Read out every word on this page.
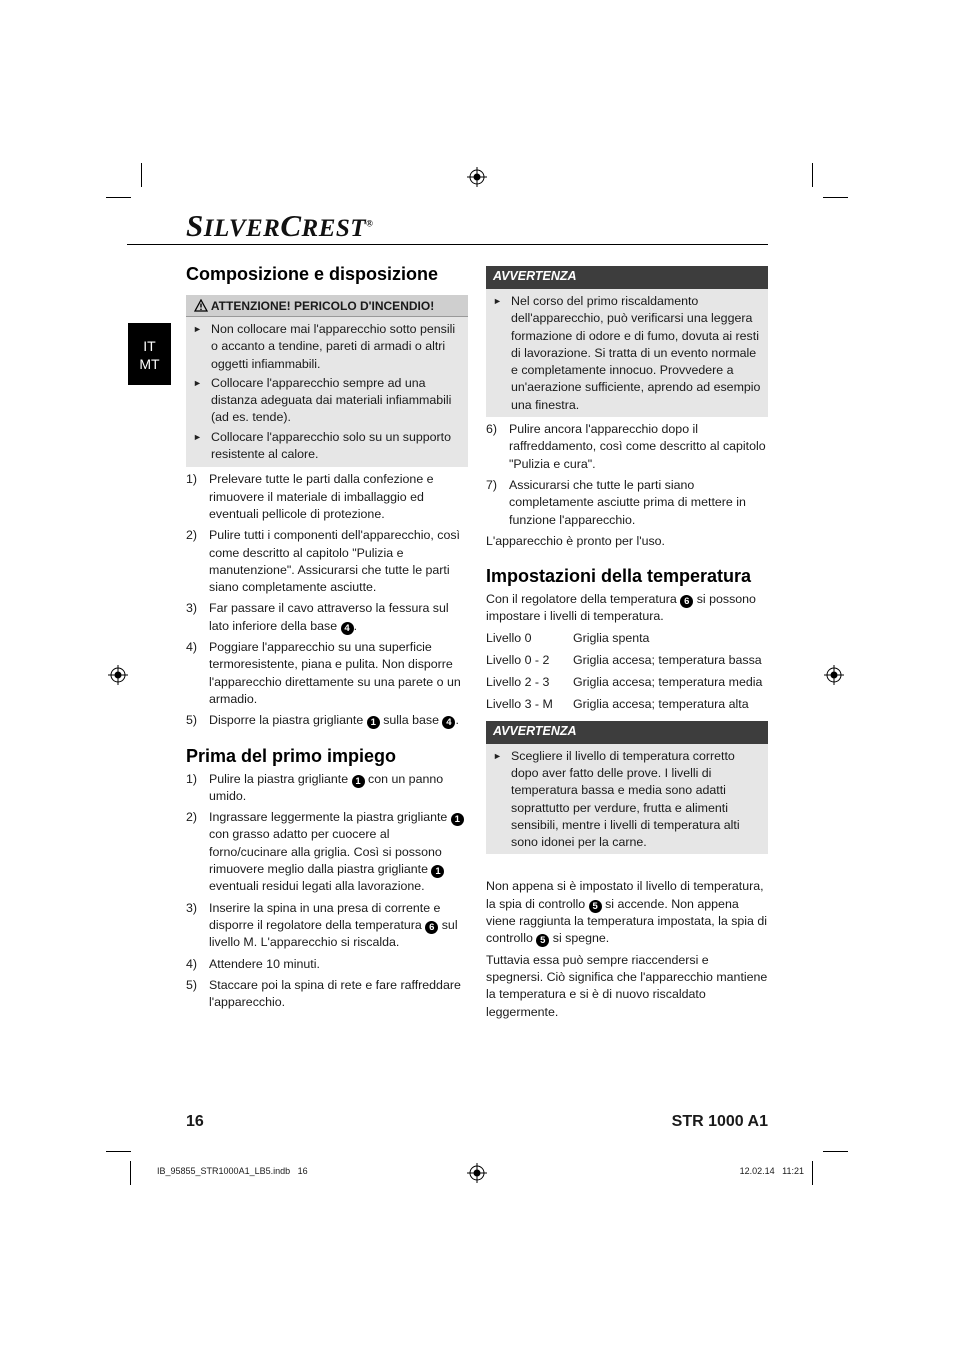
SILVERCREST®
IT
MT
Composizione e disposizione
ATTENZIONE! PERICOLO D'INCENDIO!
► Non collocare mai l'apparecchio sotto pensili o accanto a tendine, pareti di armadi o altri oggetti infiammabili.
► Collocare l'apparecchio sempre ad una distanza adeguata dai materiali infiammabili (ad es. tende).
► Collocare l'apparecchio solo su un supporto resistente al calore.
1) Prelevare tutte le parti dalla confezione e rimuovere il materiale di imballaggio ed eventuali pellicole di protezione.
2) Pulire tutti i componenti dell'apparecchio, così come descritto al capitolo "Pulizia e manutenzione". Assicurarsi che tutte le parti siano completamente asciutte.
3) Far passare il cavo attraverso la fessura sul lato inferiore della base 4 .
4) Poggiare l'apparecchio su una superficie termoresistente, piana e pulita. Non disporre l'apparecchio direttamente su una parete o un armadio.
5) Disporre la piastra grigliante 1 sulla base 4 .
Prima del primo impiego
1) Pulire la piastra grigliante 1 con un panno umido.
2) Ingrassare leggermente la piastra grigliante 1 con grasso adatto per cuocere al forno/cucinare alla griglia. Così si possono rimuovere meglio dalla piastra grigliante 1 eventuali residui legati alla lavorazione.
3) Inserire la spina in una presa di corrente e disporre il regolatore della temperatura 6 sul livello M. L'apparecchio si riscalda.
4) Attendere 10 minuti.
5) Staccare poi la spina di rete e fare raffreddare l'apparecchio.
AVVERTENZA
► Nel corso del primo riscaldamento dell'apparecchio, può verificarsi una leggera formazione di odore e di fumo, dovuta ai resti di lavorazione. Si tratta di un evento normale e completamente innocuo. Provvedere a un'aerazione sufficiente, aprendo ad esempio una finestra.
6) Pulire ancora l'apparecchio dopo il raffreddamento, così come descritto al capitolo "Pulizia e cura".
7) Assicurarsi che tutte le parti siano completamente asciutte prima di mettere in funzione l'apparecchio.
L'apparecchio è pronto per l'uso.
Impostazioni della temperatura
Con il regolatore della temperatura 6 si possono impostare i livelli di temperatura.
Livello 0	Griglia spenta
Livello 0 - 2	Griglia accesa; temperatura bassa
Livello 2 - 3	Griglia accesa; temperatura media
Livello 3 - M	Griglia accesa; temperatura alta
AVVERTENZA
► Scegliere il livello di temperatura corretto dopo aver fatto delle prove. I livelli di temperatura bassa e media sono adatti soprattutto per verdure, frutta e alimenti sensibili, mentre i livelli di temperatura alti sono idonei per la carne.
Non appena si è impostato il livello di temperatura, la spia di controllo 5 si accende. Non appena viene raggiunta la temperatura impostata, la spia di controllo 5 si spegne.
Tuttavia essa può sempre riaccendersi e spegnersi. Ciò significa che l'apparecchio mantiene la temperatura e si è di nuovo riscaldato leggermente.
16	STR 1000 A1
IB_95855_STR1000A1_LB5.indb   16	12.02.14   11:21
